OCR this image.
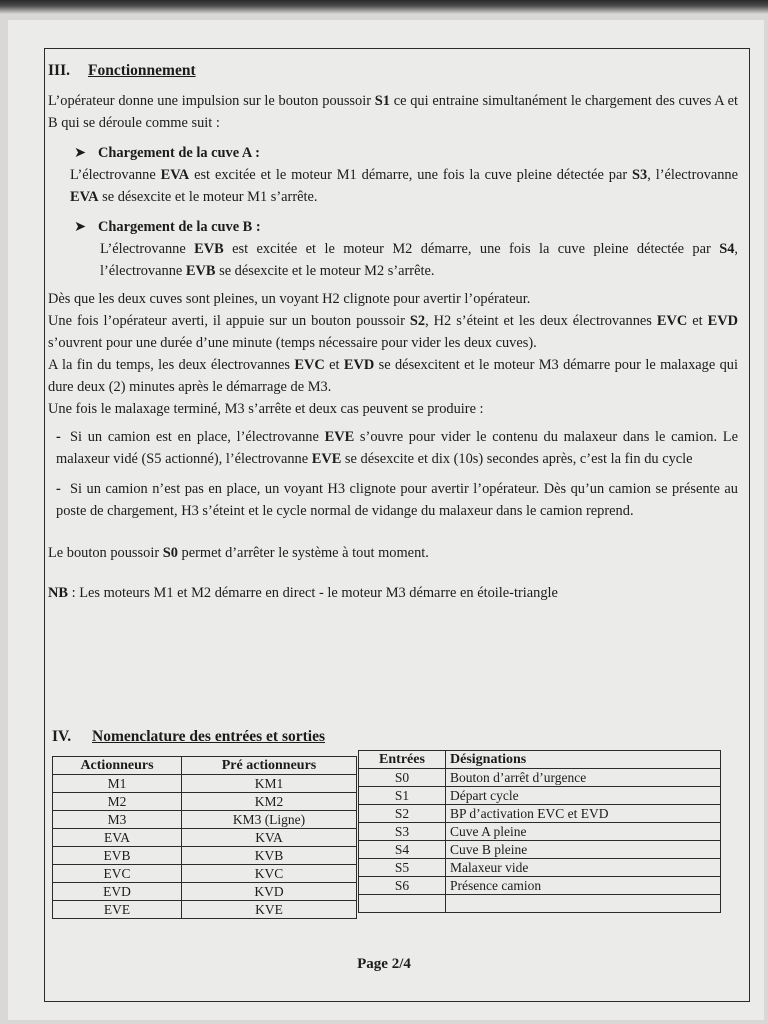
III. Fonctionnement

L’opérateur donne une impulsion sur le bouton poussoir S1 ce qui entraine simultanément le chargement des cuves A et B qui se déroule comme suit :

➤ Chargement de la cuve A :

L’électrovanne EVA est excitée et le moteur M1 démarre, une fois la cuve pleine détectée par S3, l’électrovanne EVA se désexcite et le moteur M1 s’arrête.

➤ Chargement de la cuve B :

L’électrovanne EVB est excitée et le moteur M2 démarre, une fois la cuve pleine détectée par S4, l’électrovanne EVB se désexcite et le moteur M2 s’arrête.

Dès que les deux cuves sont pleines, un voyant H2 clignote pour avertir l’opérateur.

Une fois l’opérateur averti, il appuie sur un bouton poussoir S2, H2 s’éteint et les deux électrovannes EVC et EVD s’ouvrent pour une durée d’une minute (temps nécessaire pour vider les deux cuves).

A la fin du temps, les deux électrovannes EVC et EVD se désexcitent et le moteur M3 démarre pour le malaxage qui dure deux (2) minutes après le démarrage de M3.

Une fois le malaxage terminé, M3 s’arrête et deux cas peuvent se produire :

- Si un camion est en place, l’électrovanne EVE s’ouvre pour vider le contenu du malaxeur dans le camion. Le malaxeur vidé (S5 actionné), l’électrovanne EVE se désexcite et dix (10s) secondes après, c’est la fin du cycle

- Si un camion n’est pas en place, un voyant H3 clignote pour avertir l’opérateur. Dès qu’un camion se présente au poste de chargement, H3 s’éteint et le cycle normal de vidange du malaxeur dans le camion reprend.

Le bouton poussoir S0 permet d’arrêter le système à tout moment.

NB : Les moteurs M1 et M2 démarre en direct - le moteur M3 démarre en étoile-triangle

IV. Nomenclature des entrées et sorties

Actionneurs	Pré actionneurs
M1	KM1
M2	KM2
M3	KM3 (Ligne)
EVA	KVA
EVB	KVB
EVC	KVC
EVD	KVD
EVE	KVE
Entrées	Désignations
S0	Bouton d’arrêt d’urgence
S1	Départ cycle
S2	BP d’activation EVC et EVD
S3	Cuve A pleine
S4	Cuve B pleine
S5	Malaxeur vide
S6	Présence camion

Page 2/4
